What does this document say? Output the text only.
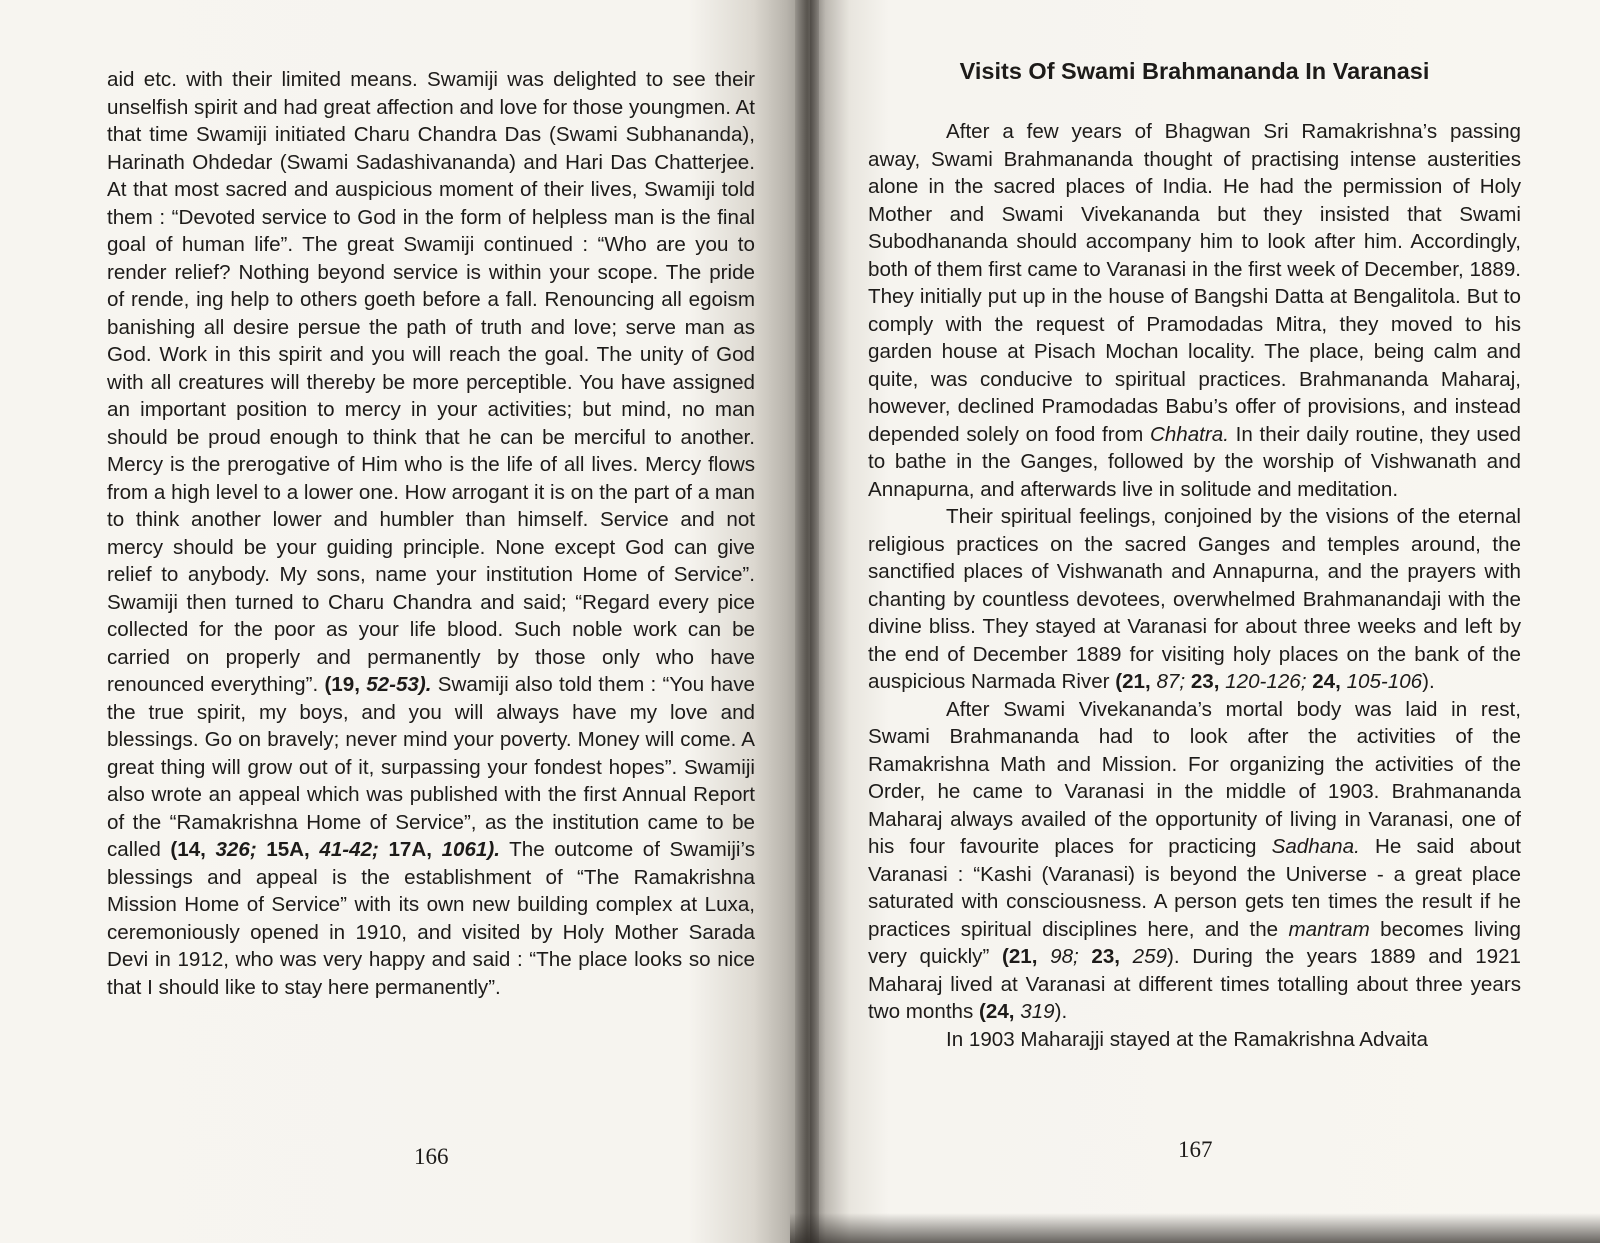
aid etc. with their limited means. Swamiji was delighted to see their unselfish spirit and had great affection and love for those youngmen. At that time Swamiji initiated Charu Chandra Das (Swami Subhananda), Harinath Ohdedar (Swami Sadashivananda) and Hari Das Chatterjee. At that most sacred and auspicious moment of their lives, Swamiji told them : “Devoted service to God in the form of helpless man is the final goal of human life”. The great Swamiji continued : “Who are you to render relief? Nothing beyond service is within your scope. The pride of rende, ing help to others goeth before a fall. Renouncing all egoism banishing all desire persue the path of truth and love; serve man as God. Work in this spirit and you will reach the goal. The unity of God with all creatures will thereby be more perceptible. You have assigned an important position to mercy in your activities; but mind, no man should be proud enough to think that he can be merciful to another. Mercy is the prerogative of Him who is the life of all lives. Mercy flows from a high level to a lower one. How arrogant it is on the part of a man to think another lower and humbler than himself. Service and not mercy should be your guiding principle. None except God can give relief to anybody. My sons, name your institution Home of Service”. Swamiji then turned to Charu Chandra and said; “Regard every pice collected for the poor as your life blood. Such noble work can be carried on properly and permanently by those only who have renounced everything”. (19, 52-53). Swamiji also told them : “You have the true spirit, my boys, and you will always have my love and blessings. Go on bravely; never mind your poverty. Money will come. A great thing will grow out of it, surpassing your fondest hopes”. Swamiji also wrote an appeal which was published with the first Annual Report of the “Ramakrishna Home of Service”, as the institution came to be called (14, 326; 15A, 41-42; 17A, 1061). The outcome of Swamiji’s blessings and appeal is the establishment of “The Ramakrishna Mission Home of Service” with its own new building complex at Luxa, ceremoniously opened in 1910, and visited by Holy Mother Sarada Devi in 1912, who was very happy and said : “The place looks so nice that I should like to stay here permanently”.

Visits Of Swami Brahmananda In Varanasi

After a few years of Bhagwan Sri Ramakrishna’s passing away, Swami Brahmananda thought of practising intense austerities alone in the sacred places of India. He had the permission of Holy Mother and Swami Vivekananda but they insisted that Swami Subodhananda should accompany him to look after him. Accordingly, both of them first came to Varanasi in the first week of December, 1889. They initially put up in the house of Bangshi Datta at Bengalitola. But to comply with the request of Pramodadas Mitra, they moved to his garden house at Pisach Mochan locality. The place, being calm and quite, was conducive to spiritual practices. Brahmananda Maharaj, however, declined Pramodadas Babu’s offer of provisions, and instead depended solely on food from Chhatra. In their daily routine, they used to bathe in the Ganges, followed by the worship of Vishwanath and Annapurna, and afterwards live in solitude and meditation.

Their spiritual feelings, conjoined by the visions of the eternal religious practices on the sacred Ganges and temples around, the sanctified places of Vishwanath and Annapurna, and the prayers with chanting by countless devotees, overwhelmed Brahmanandaji with the divine bliss. They stayed at Varanasi for about three weeks and left by the end of December 1889 for visiting holy places on the bank of the auspicious Narmada River (21, 87; 23, 120-126; 24, 105-106).

After Swami Vivekananda’s mortal body was laid in rest, Swami Brahmananda had to look after the activities of the Ramakrishna Math and Mission. For organizing the activities of the Order, he came to Varanasi in the middle of 1903. Brahmananda Maharaj always availed of the opportunity of living in Varanasi, one of his four favourite places for practicing Sadhana. He said about Varanasi : “Kashi (Varanasi) is beyond the Universe - a great place saturated with consciousness. A person gets ten times the result if he practices spiritual disciplines here, and the mantram becomes living very quickly” (21, 98; 23, 259). During the years 1889 and 1921 Maharaj lived at Varanasi at different times totalling about three years two months (24, 319).

In 1903 Maharajji stayed at the Ramakrishna Advaita

166	167
